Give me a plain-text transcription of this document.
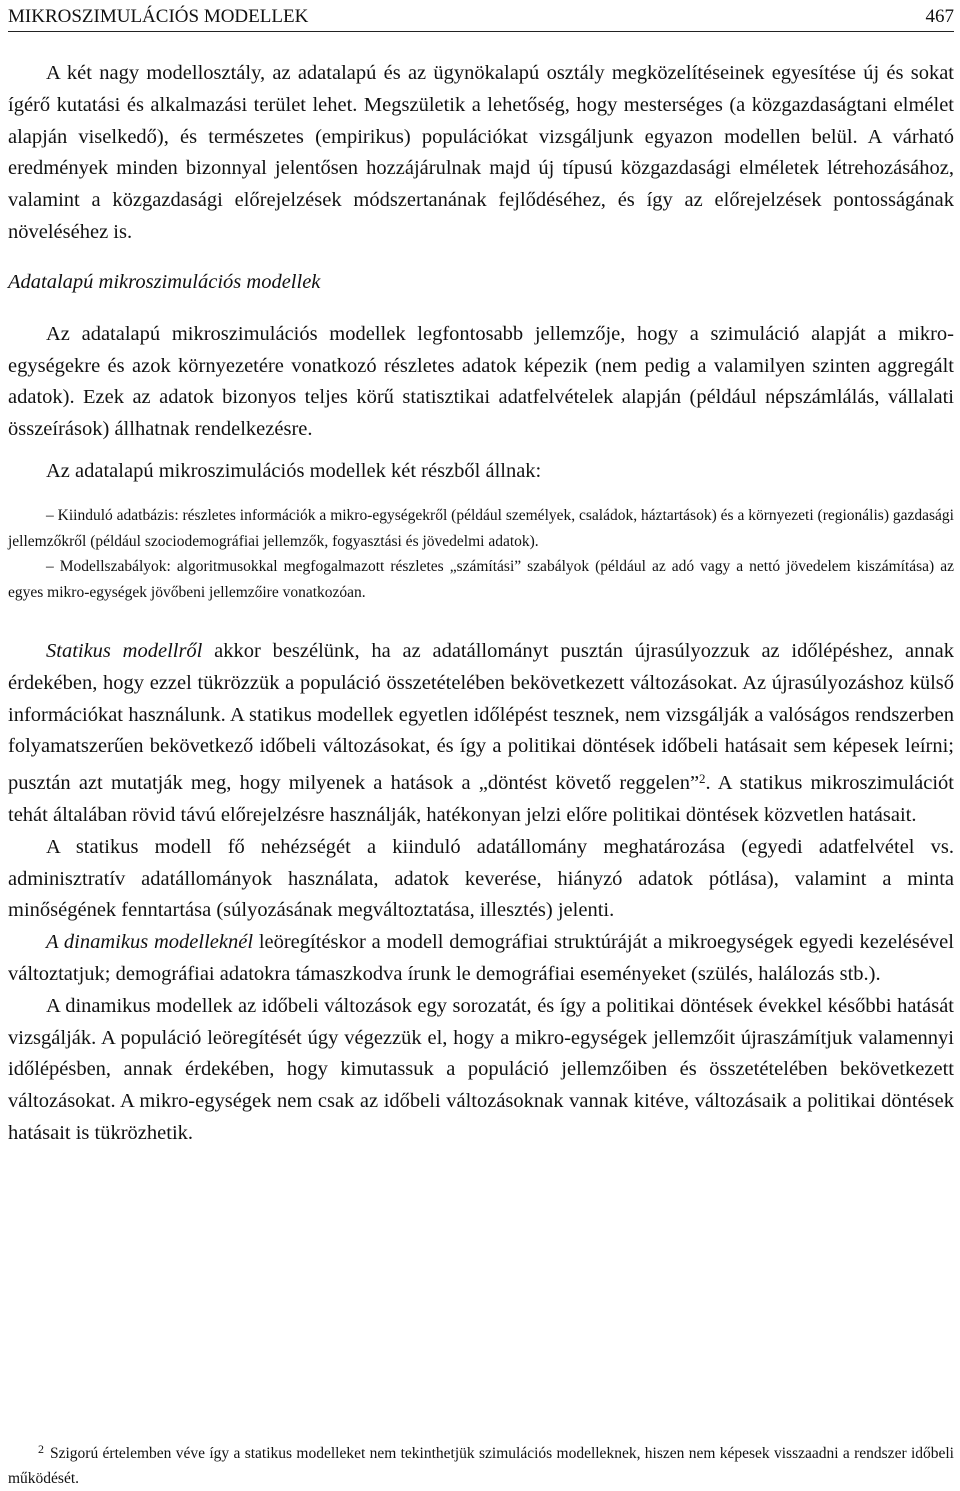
MIKROSZIMULÁCIÓS MODELLEK	467

A két nagy modellosztály, az adatalapú és az ügynökalapú osztály megközelítéseinek egyesítése új és sokat ígérő kutatási és alkalmazási terület lehet. Megszületik a lehetőség, hogy mesterséges (a közgazdaságtani elmélet alapján viselkedő), és természetes (empirikus) populációkat vizsgáljunk egyazon modellen belül. A várható eredmények minden bizonnyal jelentősen hozzájárulnak majd új típusú közgazdasági elméletek létrehozásához, valamint a közgazdasági előrejelzések módszertanának fejlődéséhez, és így az előrejelzések pontosságának növeléséhez is.

Adatalapú mikroszimulációs modellek

Az adatalapú mikroszimulációs modellek legfontosabb jellemzője, hogy a szimuláció alapját a mikro-egységekre és azok környezetére vonatkozó részletes adatok képezik (nem pedig a valamilyen szinten aggregált adatok). Ezek az adatok bizonyos teljes körű statisztikai adatfelvételek alapján (például népszámlálás, vállalati összeírások) állhatnak rendelkezésre.

Az adatalapú mikroszimulációs modellek két részből állnak:

– Kiinduló adatbázis: részletes információk a mikro-egységekről (például személyek, családok, háztartások) és a környezeti (regionális) gazdasági jellemzőkről (például szociodemográfiai jellemzők, fogyasztási és jövedelmi adatok).

– Modellszabályok: algoritmusokkal megfogalmazott részletes „számítási” szabályok (például az adó vagy a nettó jövedelem kiszámítása) az egyes mikro-egységek jövőbeni jellemzőire vonatkozóan.

Statikus modellről akkor beszélünk, ha az adatállományt pusztán újrasúlyozzuk az időlépéshez, annak érdekében, hogy ezzel tükrözzük a populáció összetételében bekövetkezett változásokat. Az újrasúlyozáshoz külső információkat használunk. A statikus modellek egyetlen időlépést tesznek, nem vizsgálják a valóságos rendszerben folyamatszerűen bekövetkező időbeli változásokat, és így a politikai döntések időbeli hatásait sem képesek leírni; pusztán azt mutatják meg, hogy milyenek a hatások a „döntést követő reggelen”$^2$. A statikus mikroszimulációt tehát általában rövid távú előrejelzésre használják, hatékonyan jelzi előre politikai döntések közvetlen hatásait.

A statikus modell fő nehézségét a kiinduló adatállomány meghatározása (egyedi adatfelvétel vs. adminisztratív adatállományok használata, adatok keverése, hiányzó adatok pótlása), valamint a minta minőségének fenntartása (súlyozásának megváltoztatása, illesztés) jelenti.

A dinamikus modelleknél leöregítéskor a modell demográfiai struktúráját a mikroegységek egyedi kezelésével változtatjuk; demográfiai adatokra támaszkodva írunk le demográfiai eseményeket (szülés, halálozás stb.).

A dinamikus modellek az időbeli változások egy sorozatát, és így a politikai döntések évekkel későbbi hatását vizsgálják. A populáció leöregítését úgy végezzük el, hogy a mikro-egységek jellemzőit újraszámítjuk valamennyi időlépésben, annak érdekében, hogy kimutassuk a populáció jellemzőiben és összetételében bekövetkezett változásokat. A mikro-egységek nem csak az időbeli változásoknak vannak kitéve, változásaik a politikai döntések hatásait is tükrözhetik.

$^2$ Szigorú értelemben véve így a statikus modelleket nem tekinthetjük szimulációs modelleknek, hiszen nem képesek visszaadni a rendszer időbeli működését.
